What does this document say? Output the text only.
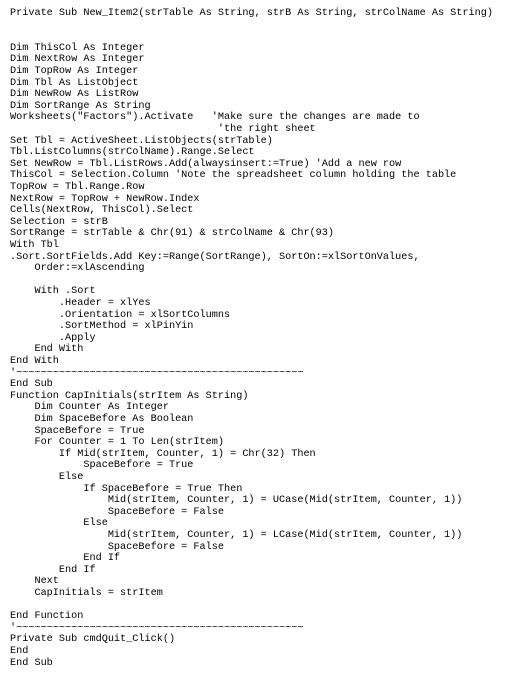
Private Sub New_Item2(strTable As String, strB As String, strColName As String)
Dim ThisCol As Integer
Dim NextRow As Integer
Dim TopRow As Integer
Dim Tbl As ListObject
Dim NewRow As ListRow
Dim SortRange As String
Worksheets("Factors").Activate   'Make sure the changes are made to
'the right sheet
Set Tbl = ActiveSheet.ListObjects(strTable)
Tbl.ListColumns(strColName).Range.Select
Set NewRow = Tbl.ListRows.Add(alwaysinsert:=True) 'Add a new row
ThisCol = Selection.Column 'Note the spreadsheet column holding the table
TopRow = Tbl.Range.Row
NextRow = TopRow + NewRow.Index
Cells(NextRow, ThisCol).Select
Selection = strB
SortRange = strTable & Chr(91) & strColName & Chr(93)
With Tbl
.Sort.SortFields.Add Key:=Range(SortRange), SortOn:=xlSortOnValues,
Order:=xlAscending
With .Sort
.Header = xlYes
.Orientation = xlSortColumns
.SortMethod = xlPinYin
.Apply
End With
End With
'~~~~~~~~~~~~~~~~~~~~~~~~~~~~~~~~~~~~~~~~~~~~~~~
End Sub
Function CapInitials(strItem As String)
Dim Counter As Integer
Dim SpaceBefore As Boolean
SpaceBefore = True
For Counter = 1 To Len(strItem)
If Mid(strItem, Counter, 1) = Chr(32) Then
SpaceBefore = True
Else
If SpaceBefore = True Then
Mid(strItem, Counter, 1) = UCase(Mid(strItem, Counter, 1))
SpaceBefore = False
Else
Mid(strItem, Counter, 1) = LCase(Mid(strItem, Counter, 1))
SpaceBefore = False
End If
End If
Next
CapInitials = strItem
End Function
'~~~~~~~~~~~~~~~~~~~~~~~~~~~~~~~~~~~~~~~~~~~~~~~
Private Sub cmdQuit_Click()
End
End Sub
